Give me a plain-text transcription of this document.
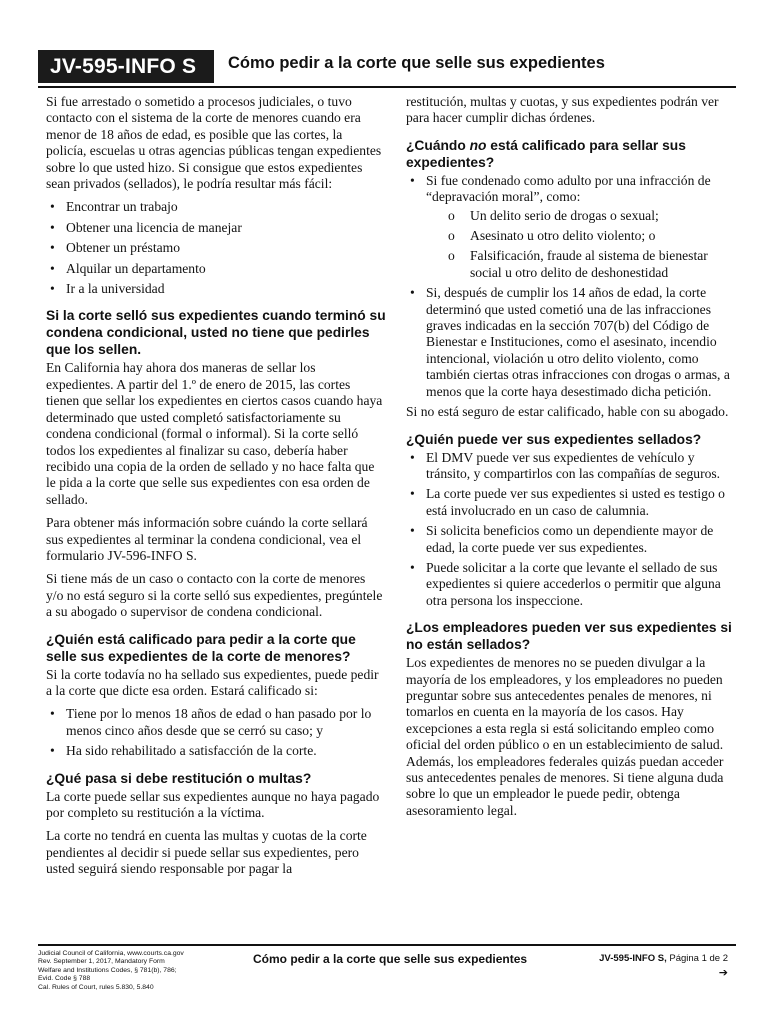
JV-595-INFO S	Cómo pedir a la corte que selle sus expedientes

Si fue arrestado o sometido a procesos judiciales, o tuvo contacto con el sistema de la corte de menores cuando era menor de 18 años de edad, es posible que las cortes, la policía, escuelas u otras agencias públicas tengan expedientes sobre lo que usted hizo. Si consigue que estos expedientes sean privados (sellados), le podría resultar más fácil:

• Encontrar un trabajo
• Obtener una licencia de manejar
• Obtener un préstamo
• Alquilar un departamento
• Ir a la universidad
Si la corte selló sus expedientes cuando terminó su condena condicional, usted no tiene que pedirles que los sellen.

En California hay ahora dos maneras de sellar los expedientes. A partir del 1.º de enero de 2015, las cortes tienen que sellar los expedientes en ciertos casos cuando haya determinado que usted completó satisfactoriamente su condena condicional (formal o informal). Si la corte selló todos los expedientes al finalizar su caso, debería haber recibido una copia de la orden de sellado y no hace falta que le pida a la corte que selle sus expedientes con esa orden de sellado.

Para obtener más información sobre cuándo la corte sellará sus expedientes al terminar la condena condicional, vea el formulario JV-596-INFO S.

Si tiene más de un caso o contacto con la corte de menores y/o no está seguro si la corte selló sus expedientes, pregúntele a su abogado o supervisor de condena condicional.

¿Quién está calificado para pedir a la corte que selle sus expedientes de la corte de menores?

Si la corte todavía no ha sellado sus expedientes, puede pedir a la corte que dicte esa orden. Estará calificado si:

• Tiene por lo menos 18 años de edad o han pasado por lo menos cinco años desde que se cerró su caso; y
• Ha sido rehabilitado a satisfacción de la corte.
¿Qué pasa si debe restitución o multas?

La corte puede sellar sus expedientes aunque no haya pagado por completo su restitución a la víctima.

La corte no tendrá en cuenta las multas y cuotas de la corte pendientes al decidir si puede sellar sus expedientes, pero usted seguirá siendo responsable por pagar la

restitución, multas y cuotas, y sus expedientes podrán ver para hacer cumplir dichas órdenes.

¿Cuándo no está calificado para sellar sus expedientes?
• Si fue condenado como adulto por una infracción de “depravación moral”, como:
o Un delito serio de drogas o sexual;
o Asesinato u otro delito violento; o
o Falsificación, fraude al sistema de bienestar social u otro delito de deshonestidad
• Si, después de cumplir los 14 años de edad, la corte determinó que usted cometió una de las infracciones graves indicadas en la sección 707(b) del Código de Bienestar e Instituciones, como el asesinato, incendio intencional, violación u otro delito violento, como también ciertas otras infracciones con drogas o armas, a menos que la corte haya desestimado dicha petición.

Si no está seguro de estar calificado, hable con su abogado.

¿Quién puede ver sus expedientes sellados?
• El DMV puede ver sus expedientes de vehículo y tránsito, y compartirlos con las compañías de seguros.
• La corte puede ver sus expedientes si usted es testigo o está involucrado en un caso de calumnia.
• Si solicita beneficios como un dependiente mayor de edad, la corte puede ver sus expedientes.
• Puede solicitar a la corte que levante el sellado de sus expedientes si quiere accederlos o permitir que alguna otra persona los inspeccione.
¿Los empleadores pueden ver sus expedientes si no están sellados?

Los expedientes de menores no se pueden divulgar a la mayoría de los empleadores, y los empleadores no pueden preguntar sobre sus antecedentes penales de menores, ni tomarlos en cuenta en la mayoría de los casos. Hay excepciones a esta regla si está solicitando empleo como oficial del orden público o en un establecimiento de salud. Además, los empleadores federales quizás puedan acceder sus antecedentes penales de menores. Si tiene alguna duda sobre lo que un empleador le puede pedir, obtenga asesoramiento legal.

Judicial Council of California, www.courts.ca.gov
Rev. September 1, 2017, Mandatory Form
Welfare and Institutions Codes, § 781(b), 786;
Evid. Code § 788
Cal. Rules of Court, rules 5.830, 5.840
Cómo pedir a la corte que selle sus expedientes	JV-595-INFO S, Página 1 de 2
➔
